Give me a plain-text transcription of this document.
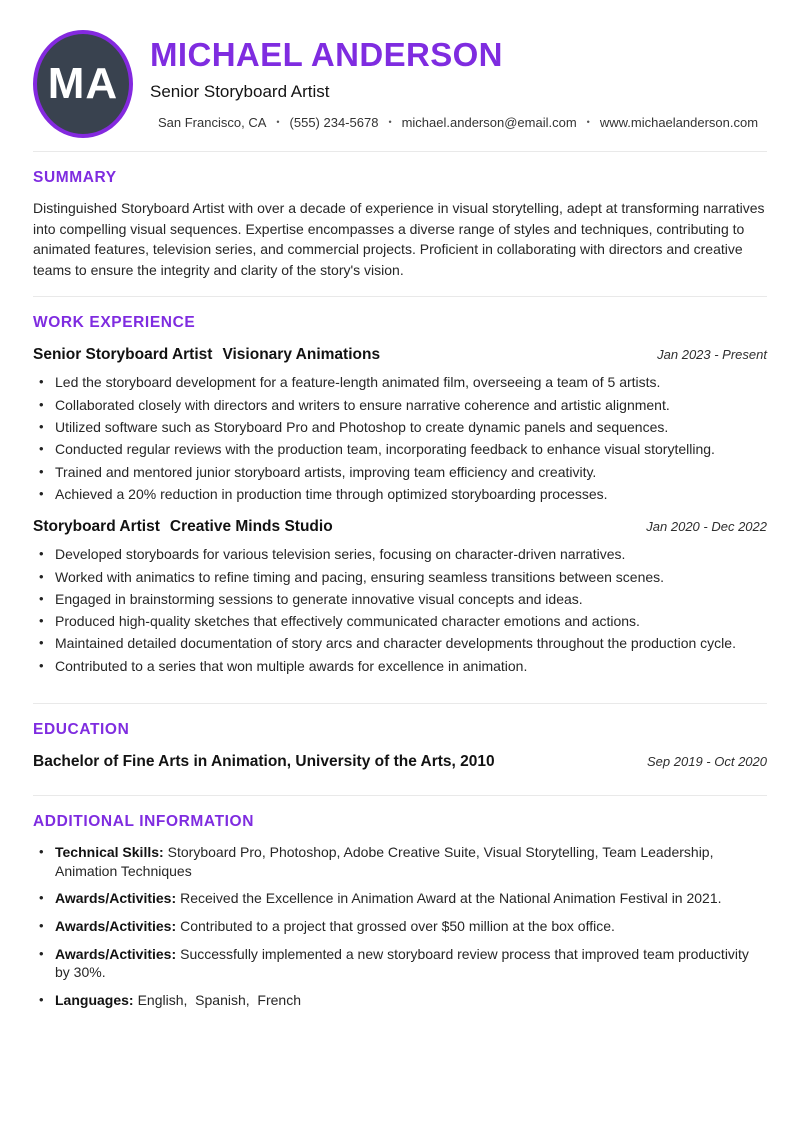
MA
MICHAEL ANDERSON
Senior Storyboard Artist
San Francisco, CA • (555) 234-5678 • michael.anderson@email.com • www.michaelanderson.com
SUMMARY

Distinguished Storyboard Artist with over a decade of experience in visual storytelling, adept at transforming narratives into compelling visual sequences. Expertise encompasses a diverse range of styles and techniques, contributing to animated features, television series, and commercial projects. Proficient in collaborating with directors and creative teams to ensure the integrity and clarity of the story's vision.

WORK EXPERIENCE
Senior Storyboard Artist Visionary Animations	Jan 2023 - Present
• Led the storyboard development for a feature-length animated film, overseeing a team of 5 artists.
• Collaborated closely with directors and writers to ensure narrative coherence and artistic alignment.
• Utilized software such as Storyboard Pro and Photoshop to create dynamic panels and sequences.
• Conducted regular reviews with the production team, incorporating feedback to enhance visual storytelling.
• Trained and mentored junior storyboard artists, improving team efficiency and creativity.
• Achieved a 20% reduction in production time through optimized storyboarding processes.
Storyboard Artist Creative Minds Studio	Jan 2020 - Dec 2022
• Developed storyboards for various television series, focusing on character-driven narratives.
• Worked with animatics to refine timing and pacing, ensuring seamless transitions between scenes.
• Engaged in brainstorming sessions to generate innovative visual concepts and ideas.
• Produced high-quality sketches that effectively communicated character emotions and actions.
• Maintained detailed documentation of story arcs and character developments throughout the production cycle.
• Contributed to a series that won multiple awards for excellence in animation.
EDUCATION
Bachelor of Fine Arts in Animation, University of the Arts, 2010	Sep 2019 - Oct 2020
ADDITIONAL INFORMATION
• Technical Skills: Storyboard Pro, Photoshop, Adobe Creative Suite, Visual Storytelling, Team Leadership, Animation Techniques
• Awards/Activities: Received the Excellence in Animation Award at the National Animation Festival in 2021.
• Awards/Activities: Contributed to a project that grossed over $50 million at the box office.
• Awards/Activities: Successfully implemented a new storyboard review process that improved team productivity by 30%.
• Languages: English,  Spanish,  French
